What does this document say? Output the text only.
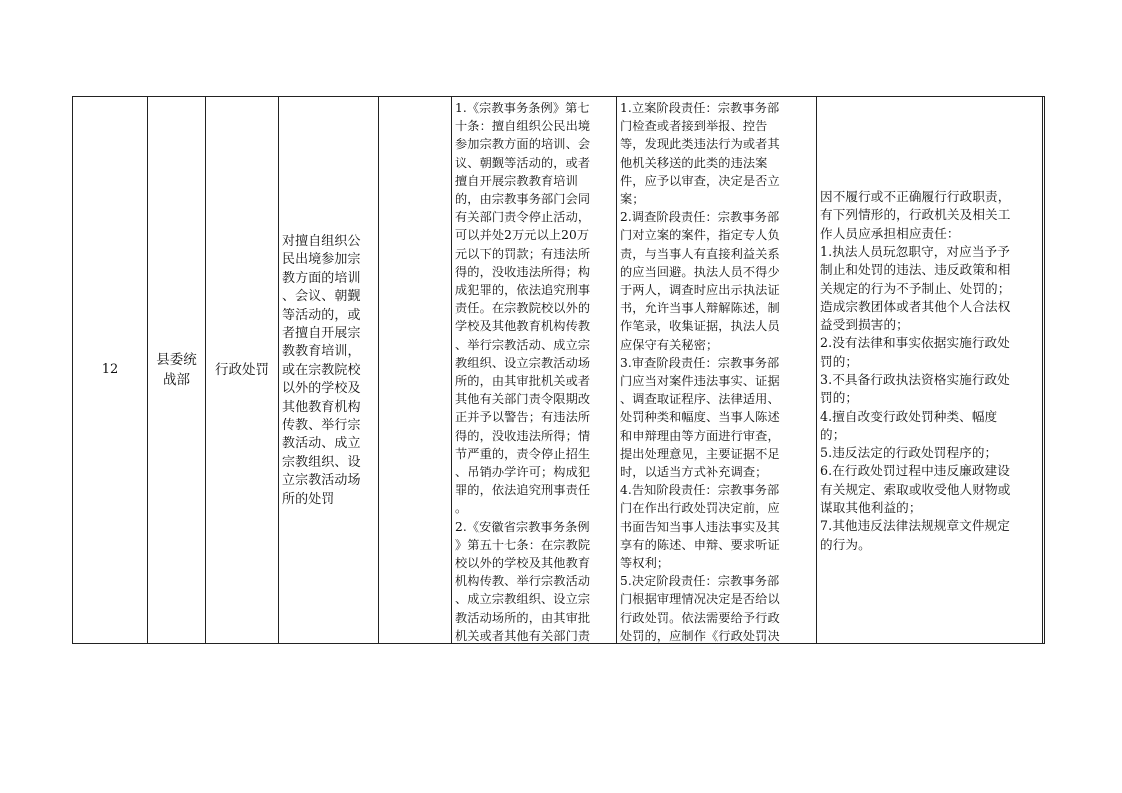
12
县委统
战部
行政处罚
对擅自组织公
民出境参加宗
教方面的培训
、会议、朝觐
等活动的，或
者擅自开展宗
教教育培训，
或在宗教院校
以外的学校及
其他教育机构
传教、举行宗
教活动、成立
宗教组织、设
立宗教活动场
所的处罚
1.《宗教事务条例》第七
十条：擅自组织公民出境
参加宗教方面的培训、会
议、朝觐等活动的，或者
擅自开展宗教教育培训
的，由宗教事务部门会同
有关部门责令停止活动，
可以并处2万元以上20万
元以下的罚款；有违法所
得的，没收违法所得；构
成犯罪的，依法追究刑事
责任。在宗教院校以外的
学校及其他教育机构传教
、举行宗教活动、成立宗
教组织、设立宗教活动场
所的，由其审批机关或者
其他有关部门责令限期改
正并予以警告；有违法所
得的，没收违法所得；情
节严重的，责令停止招生
、吊销办学许可；构成犯
罪的，依法追究刑事责任
。
2.《安徽省宗教事务条例
》第五十七条：在宗教院
校以外的学校及其他教育
机构传教、举行宗教活动
、成立宗教组织、设立宗
教活动场所的，由其审批
机关或者其他有关部门责
1.立案阶段责任：宗教事务部
门检查或者接到举报、控告
等，发现此类违法行为或者其
他机关移送的此类的违法案
件，应予以审查，决定是否立
案；
2.调查阶段责任：宗教事务部
门对立案的案件，指定专人负
责，与当事人有直接利益关系
的应当回避。执法人员不得少
于两人，调查时应出示执法证
书，允许当事人辩解陈述，制
作笔录，收集证据，执法人员
应保守有关秘密；
3.审查阶段责任：宗教事务部
门应当对案件违法事实、证据
、调查取证程序、法律适用、
处罚种类和幅度、当事人陈述
和申辩理由等方面进行审查，
提出处理意见，主要证据不足
时，以适当方式补充调查；
4.告知阶段责任：宗教事务部
门在作出行政处罚决定前，应
书面告知当事人违法事实及其
享有的陈述、申辩、要求听证
等权利；
5.决定阶段责任：宗教事务部
门根据审理情况决定是否给以
行政处罚。依法需要给予行政
处罚的，应制作《行政处罚决
因不履行或不正确履行行政职责，
有下列情形的，行政机关及相关工
作人员应承担相应责任：
1.执法人员玩忽职守，对应当予予
制止和处罚的违法、违反政策和相
关规定的行为不予制止、处罚的；
造成宗教团体或者其他个人合法权
益受到损害的；
2.没有法律和事实依据实施行政处
罚的；
3.不具备行政执法资格实施行政处
罚的；
4.擅自改变行政处罚种类、幅度
的；
5.违反法定的行政处罚程序的；
6.在行政处罚过程中违反廉政建设
有关规定、索取或收受他人财物或
谋取其他利益的；
7.其他违反法律法规规章文件规定
的行为。
